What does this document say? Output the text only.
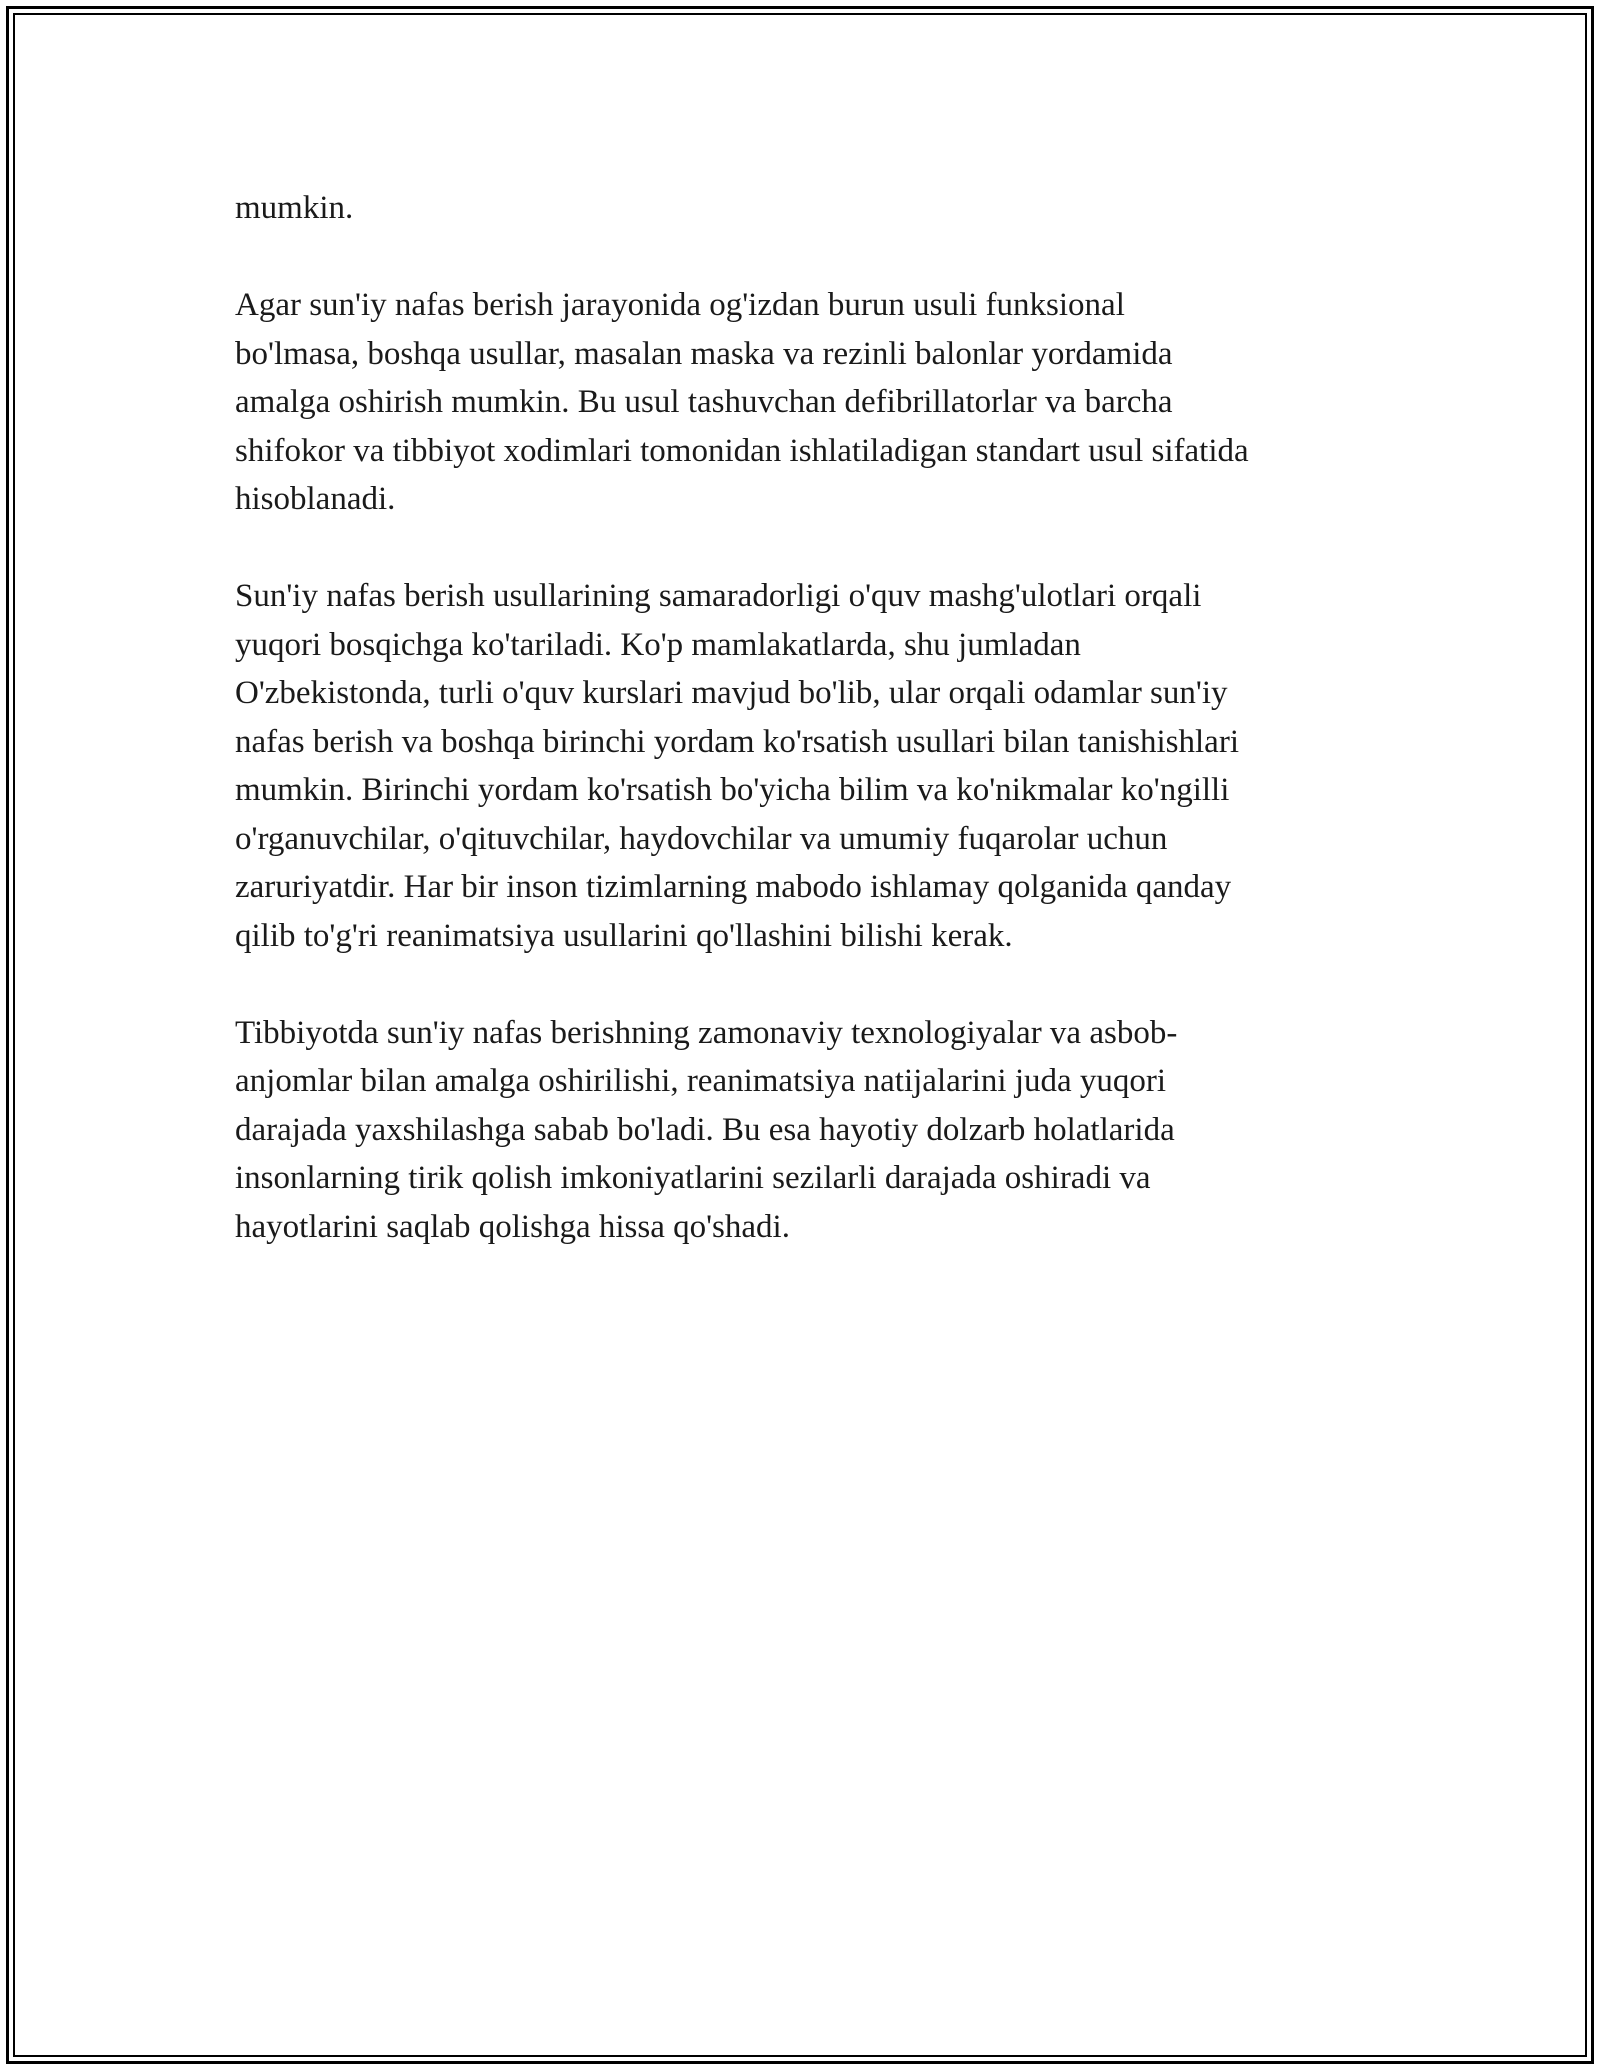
mumkin.

Agar sun'iy nafas berish jarayonida og'izdan burun usuli funksional
bo'lmasa, boshqa usullar, masalan maska va rezinli balonlar yordamida
amalga oshirish mumkin. Bu usul tashuvchan defibrillatorlar va barcha
shifokor va tibbiyot xodimlari tomonidan ishlatiladigan standart usul sifatida
hisoblanadi.

Sun'iy nafas berish usullarining samaradorligi o'quv mashg'ulotlari orqali
yuqori bosqichga ko'tariladi. Ko'p mamlakatlarda, shu jumladan
O'zbekistonda, turli o'quv kurslari mavjud bo'lib, ular orqali odamlar sun'iy
nafas berish va boshqa birinchi yordam ko'rsatish usullari bilan tanishishlari
mumkin. Birinchi yordam ko'rsatish bo'yicha bilim va ko'nikmalar ko'ngilli
o'rganuvchilar, o'qituvchilar, haydovchilar va umumiy fuqarolar uchun
zaruriyatdir. Har bir inson tizimlarning mabodo ishlamay qolganida qanday
qilib to'g'ri reanimatsiya usullarini qo'llashini bilishi kerak.

Tibbiyotda sun'iy nafas berishning zamonaviy texnologiyalar va asbob-
anjomlar bilan amalga oshirilishi, reanimatsiya natijalarini juda yuqori
darajada yaxshilashga sabab bo'ladi. Bu esa hayotiy dolzarb holatlarida
insonlarning tirik qolish imkoniyatlarini sezilarli darajada oshiradi va
hayotlarini saqlab qolishga hissa qo'shadi.
